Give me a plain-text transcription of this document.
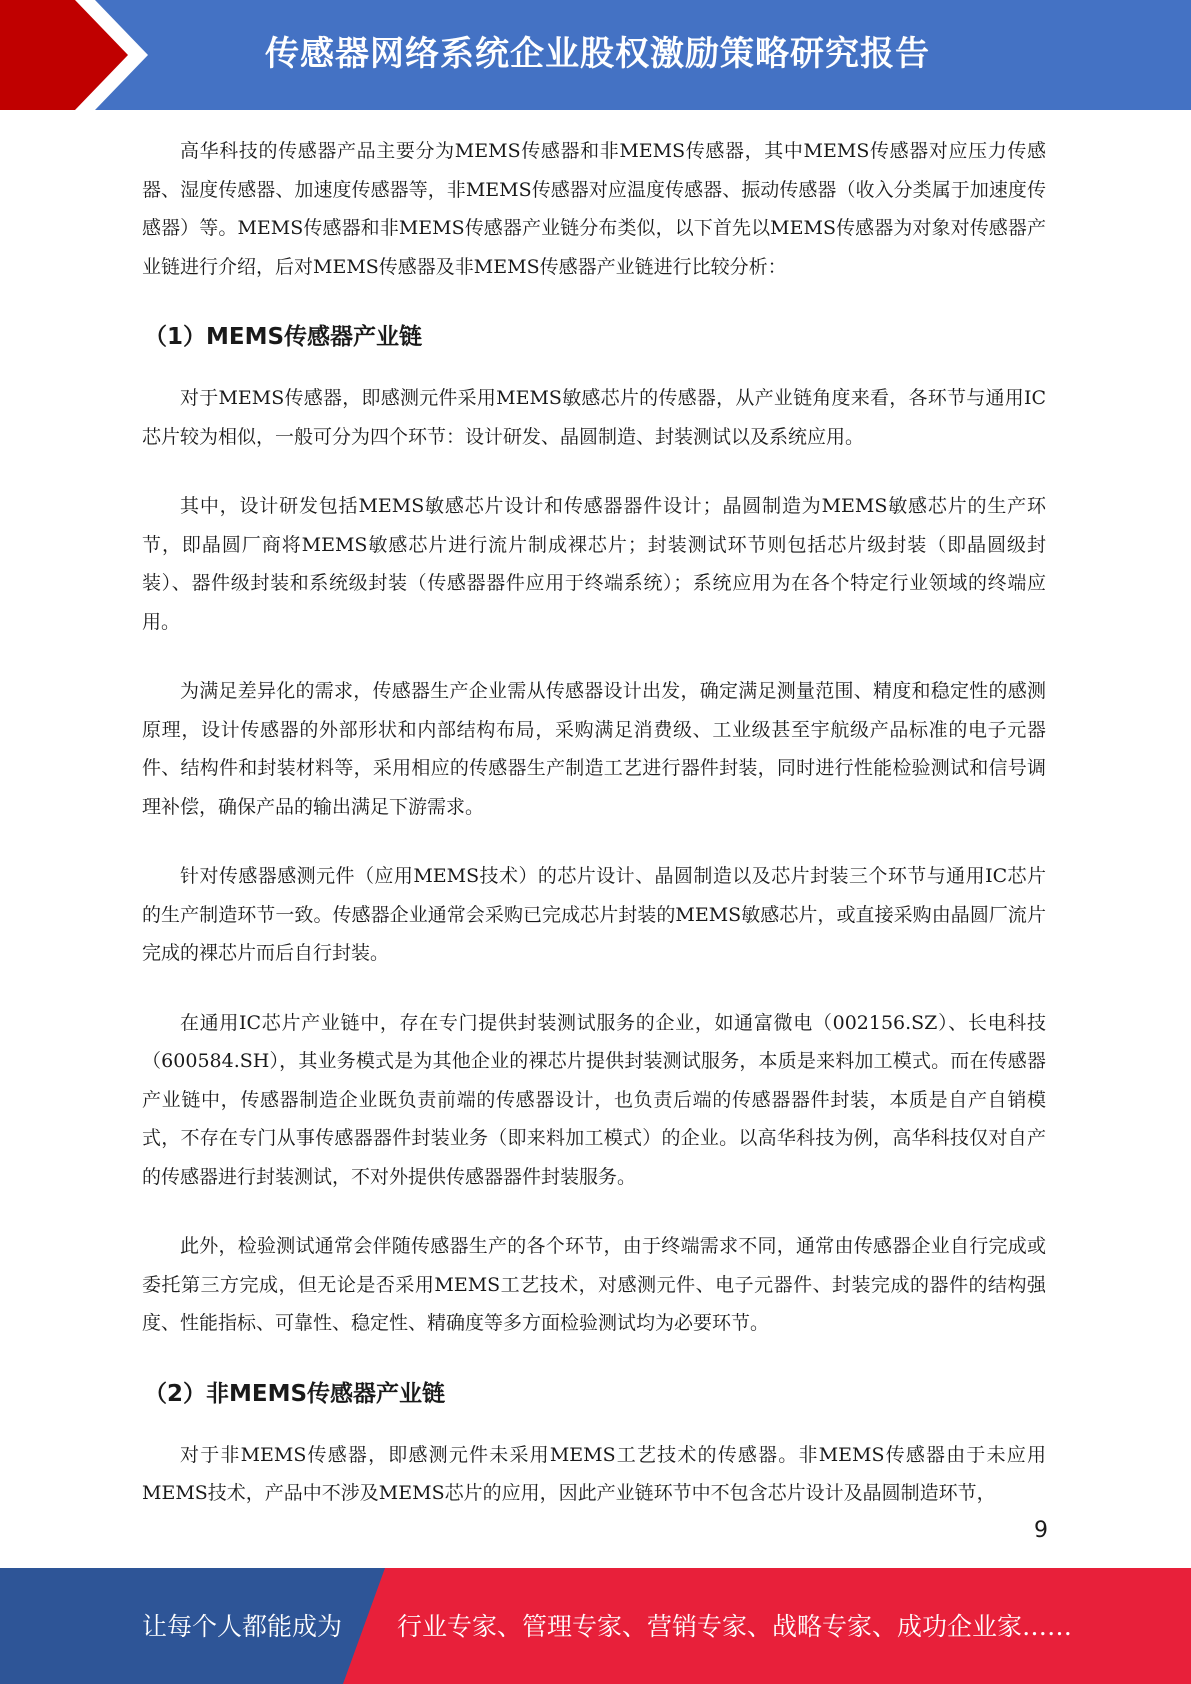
传感器网络系统企业股权激励策略研究报告

高华科技的传感器产品主要分为MEMS传感器和非MEMS传感器，其中MEMS传感器对应压力传感器、湿度传感器、加速度传感器等，非MEMS传感器对应温度传感器、振动传感器（收入分类属于加速度传感器）等。MEMS传感器和非MEMS传感器产业链分布类似，以下首先以MEMS传感器为对象对传感器产业链进行介绍，后对MEMS传感器及非MEMS传感器产业链进行比较分析：

（1）MEMS传感器产业链

对于MEMS传感器，即感测元件采用MEMS敏感芯片的传感器，从产业链角度来看，各环节与通用IC芯片较为相似，一般可分为四个环节：设计研发、晶圆制造、封装测试以及系统应用。

其中，设计研发包括MEMS敏感芯片设计和传感器器件设计；晶圆制造为MEMS敏感芯片的生产环节，即晶圆厂商将MEMS敏感芯片进行流片制成裸芯片；封装测试环节则包括芯片级封装（即晶圆级封装）、器件级封装和系统级封装（传感器器件应用于终端系统）；系统应用为在各个特定行业领域的终端应用。

为满足差异化的需求，传感器生产企业需从传感器设计出发，确定满足测量范围、精度和稳定性的感测原理，设计传感器的外部形状和内部结构布局，采购满足消费级、工业级甚至宇航级产品标准的电子元器件、结构件和封装材料等，采用相应的传感器生产制造工艺进行器件封装，同时进行性能检验测试和信号调理补偿，确保产品的输出满足下游需求。

针对传感器感测元件（应用MEMS技术）的芯片设计、晶圆制造以及芯片封装三个环节与通用IC芯片的生产制造环节一致。传感器企业通常会采购已完成芯片封装的MEMS敏感芯片，或直接采购由晶圆厂流片完成的裸芯片而后自行封装。

在通用IC芯片产业链中，存在专门提供封装测试服务的企业，如通富微电（002156.SZ）、长电科技（600584.SH），其业务模式是为其他企业的裸芯片提供封装测试服务，本质是来料加工模式。而在传感器产业链中，传感器制造企业既负责前端的传感器设计，也负责后端的传感器器件封装，本质是自产自销模式，不存在专门从事传感器器件封装业务（即来料加工模式）的企业。以高华科技为例，高华科技仅对自产的传感器进行封装测试，不对外提供传感器器件封装服务。

此外，检验测试通常会伴随传感器生产的各个环节，由于终端需求不同，通常由传感器企业自行完成或委托第三方完成，但无论是否采用MEMS工艺技术，对感测元件、电子元器件、封装完成的器件的结构强度、性能指标、可靠性、稳定性、精确度等多方面检验测试均为必要环节。

（2）非MEMS传感器产业链

对于非MEMS传感器，即感测元件未采用MEMS工艺技术的传感器。非MEMS传感器由于未应用MEMS技术，产品中不涉及MEMS芯片的应用，因此产业链环节中不包含芯片设计及晶圆制造环节，

9
让每个人都能成为 行业专家、管理专家、营销专家、战略专家、成功企业家……
